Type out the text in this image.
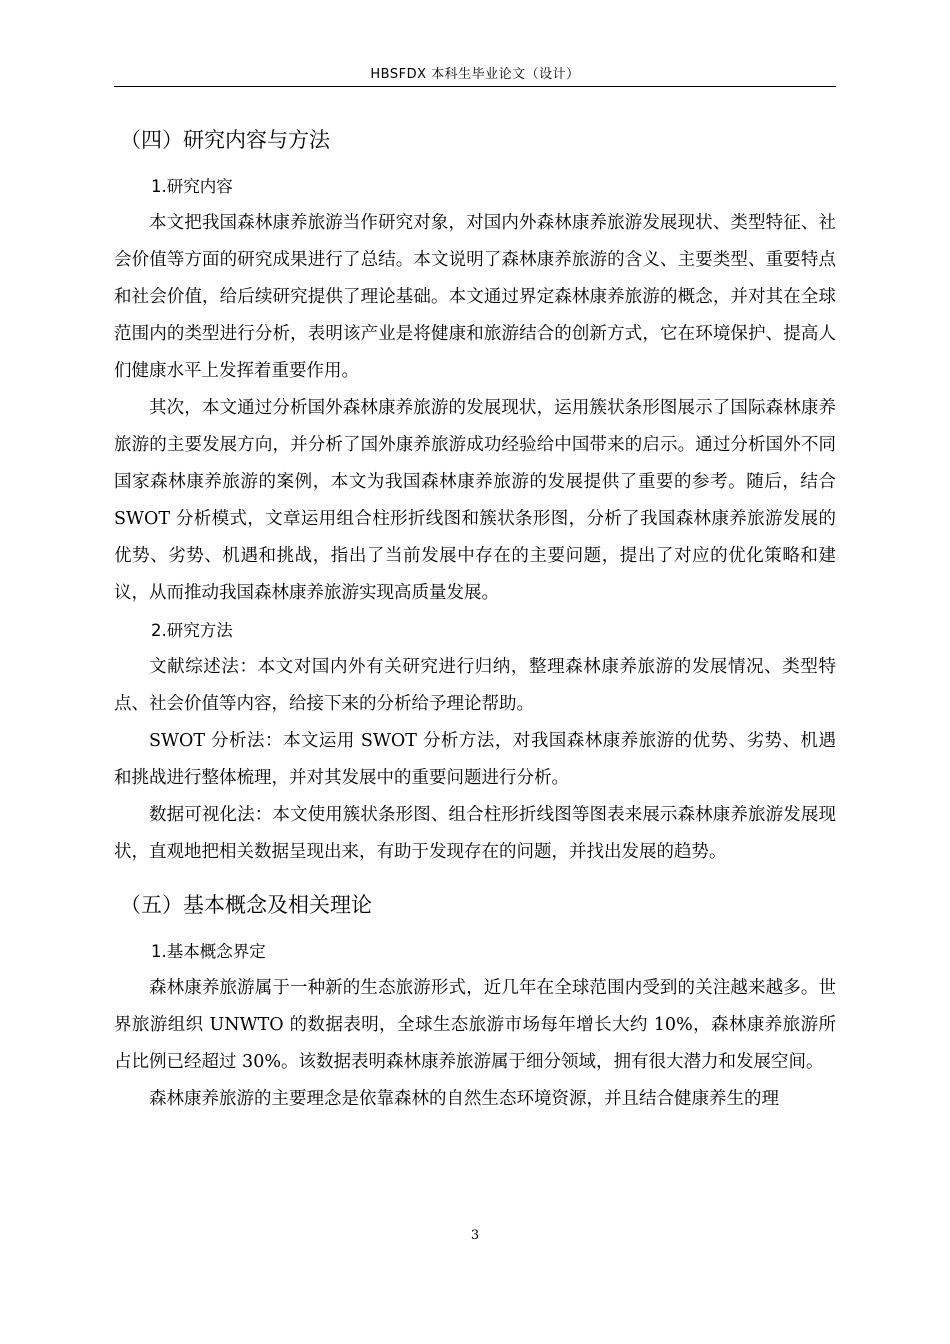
HBSFDX 本科生毕业论文（设计）
（四）研究内容与方法
1.研究内容

本文把我国森林康养旅游当作研究对象，对国内外森林康养旅游发展现状、类型特征、社会价值等方面的研究成果进行了总结。本文说明了森林康养旅游的含义、主要类型、重要特点和社会价值，给后续研究提供了理论基础。本文通过界定森林康养旅游的概念，并对其在全球范围内的类型进行分析，表明该产业是将健康和旅游结合的创新方式，它在环境保护、提高人们健康水平上发挥着重要作用。

其次，本文通过分析国外森林康养旅游的发展现状，运用簇状条形图展示了国际森林康养旅游的主要发展方向，并分析了国外康养旅游成功经验给中国带来的启示。通过分析国外不同国家森林康养旅游的案例，本文为我国森林康养旅游的发展提供了重要的参考。随后，结合 SWOT 分析模式，文章运用组合柱形折线图和簇状条形图，分析了我国森林康养旅游发展的优势、劣势、机遇和挑战，指出了当前发展中存在的主要问题，提出了对应的优化策略和建议，从而推动我国森林康养旅游实现高质量发展。

2.研究方法

文献综述法：本文对国内外有关研究进行归纳，整理森林康养旅游的发展情况、类型特点、社会价值等内容，给接下来的分析给予理论帮助。

SWOT 分析法：本文运用 SWOT 分析方法，对我国森林康养旅游的优势、劣势、机遇和挑战进行整体梳理，并对其发展中的重要问题进行分析。

数据可视化法：本文使用簇状条形图、组合柱形折线图等图表来展示森林康养旅游发展现状，直观地把相关数据呈现出来，有助于发现存在的问题，并找出发展的趋势。

（五）基本概念及相关理论
1.基本概念界定

森林康养旅游属于一种新的生态旅游形式，近几年在全球范围内受到的关注越来越多。世界旅游组织 UNWTO 的数据表明，全球生态旅游市场每年增长大约 10%，森林康养旅游所占比例已经超过 30%。该数据表明森林康养旅游属于细分领域，拥有很大潜力和发展空间。

森林康养旅游的主要理念是依靠森林的自然生态环境资源，并且结合健康养生的理

3
